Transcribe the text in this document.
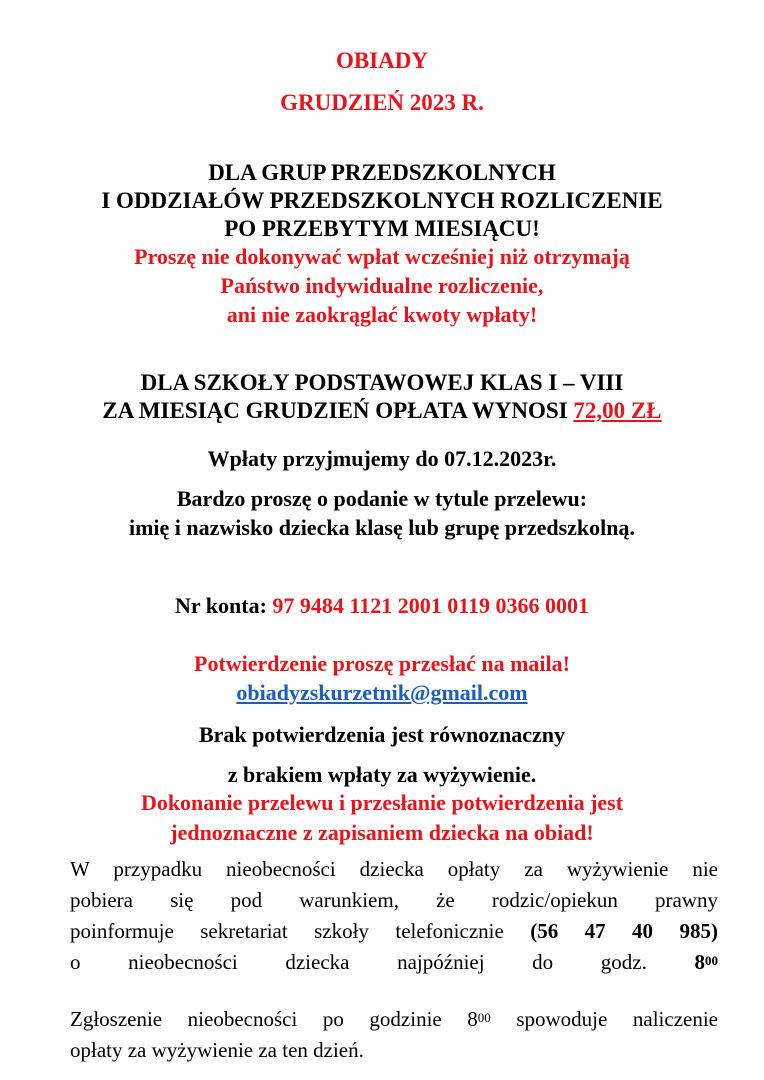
OBIADY
GRUDZIEŃ 2023 R.
DLA GRUP PRZEDSZKOLNYCH
I ODDZIAŁÓW PRZEDSZKOLNYCH ROZLICZENIE
PO PRZEBYTYM MIESIĄCU!
Proszę nie dokonywać wpłat wcześniej niż otrzymają
Państwo indywidualne rozliczenie,
ani nie zaokrąglać kwoty wpłaty!
DLA SZKOŁY PODSTAWOWEJ KLAS I – VIII
ZA MIESIĄC GRUDZIEŃ OPŁATA WYNOSI 72,00 ZŁ
Wpłaty przyjmujemy do 07.12.2023r.
Bardzo proszę o podanie w tytule przelewu:
imię i nazwisko dziecka klasę lub grupę przedszkolną.
Nr konta: 97 9484 1121 2001 0119 0366 0001
Potwierdzenie proszę przesłać na maila!
obiadyzskurzetnik@gmail.com
Brak potwierdzenia jest równoznaczny
z brakiem wpłaty za wyżywienie.
Dokonanie przelewu i przesłanie potwierdzenia jest
jednoznaczne z zapisaniem dziecka na obiad!
W przypadku nieobecności dziecka opłaty za wyżywienie nie
pobiera się pod warunkiem, że rodzic/opiekun prawny
poinformuje sekretariat szkoły telefonicznie (56 47 40 985)
o nieobecności dziecka najpóźniej do godz. $8^{00}$
Zgłoszenie nieobecności po godzinie $8^{00}$ spowoduje naliczenie
opłaty za wyżywienie za ten dzień.
